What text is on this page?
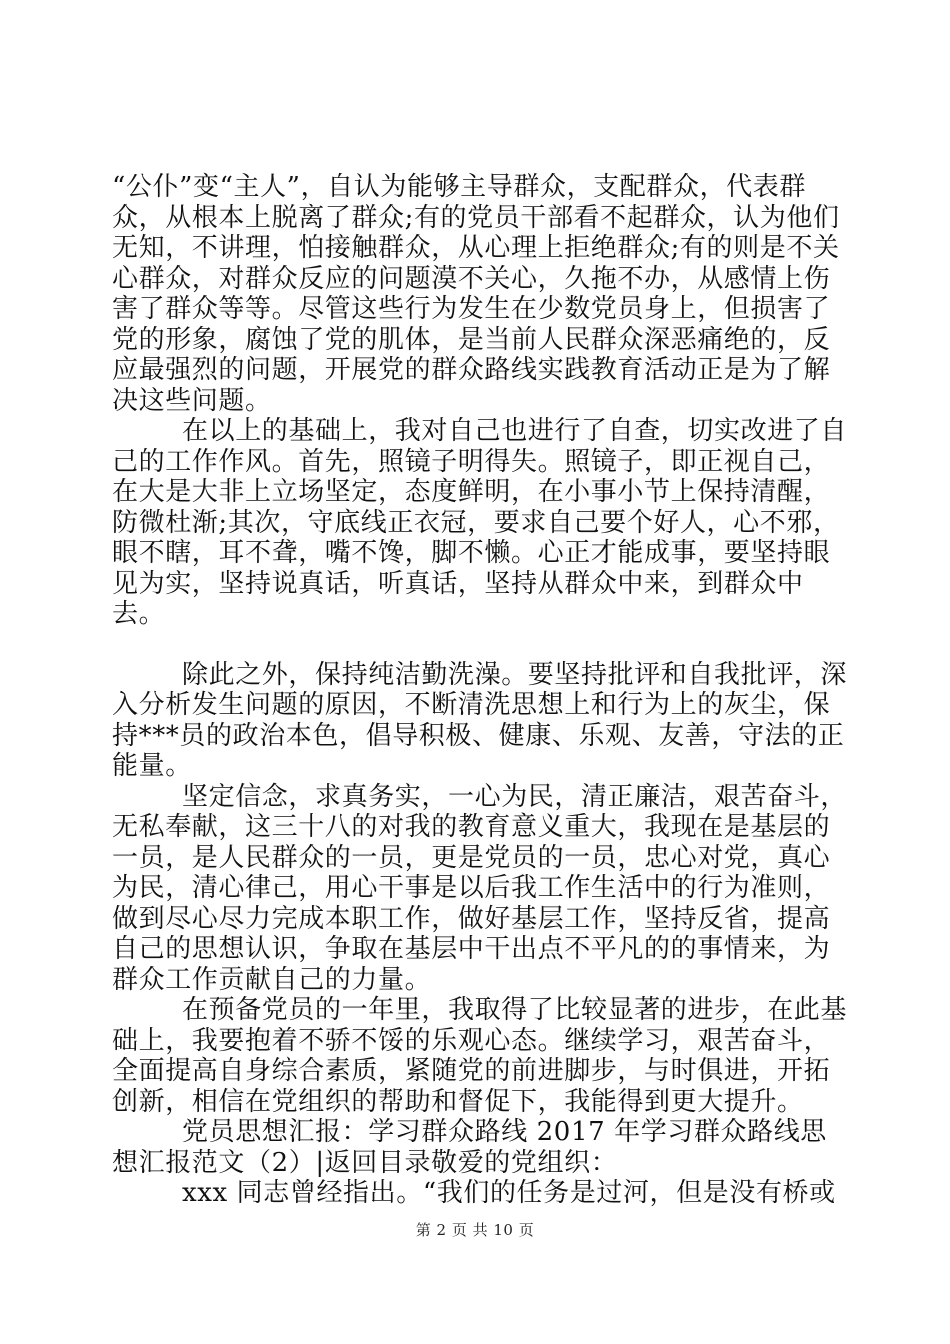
“公仆”变“主人”，自认为能够主导群众，支配群众，代表群众，从根本上脱离了群众;有的党员干部看不起群众，认为他们无知，不讲理，怕接触群众，从心理上拒绝群众;有的则是不关心群众，对群众反应的问题漠不关心，久拖不办，从感情上伤害了群众等等。尽管这些行为发生在少数党员身上，但损害了党的形象，腐蚀了党的肌体，是当前人民群众深恶痛绝的，反应最强烈的问题，开展党的群众路线实践教育活动正是为了解决这些问题。

在以上的基础上，我对自己也进行了自查，切实改进了自己的工作作风。首先，照镜子明得失。照镜子，即正视自己，在大是大非上立场坚定，态度鲜明，在小事小节上保持清醒，防微杜渐;其次，守底线正衣冠，要求自己要个好人，心不邪，眼不瞎，耳不聋，嘴不馋，脚不懒。心正才能成事，要坚持眼见为实，坚持说真话，听真话，坚持从群众中来，到群众中去。

除此之外，保持纯洁勤洗澡。要坚持批评和自我批评，深入分析发生问题的原因，不断清洗思想上和行为上的灰尘，保持***员的政治本色，倡导积极、健康、乐观、友善，守法的正能量。

坚定信念，求真务实，一心为民，清正廉洁，艰苦奋斗，无私奉献，这三十八的对我的教育意义重大，我现在是基层的一员，是人民群众的一员，更是党员的一员，忠心对党，真心为民，清心律己，用心干事是以后我工作生活中的行为准则，做到尽心尽力完成本职工作，做好基层工作，坚持反省，提高自己的思想认识，争取在基层中干出点不平凡的的事情来，为群众工作贡献自己的力量。

在预备党员的一年里，我取得了比较显著的进步，在此基础上，我要抱着不骄不馁的乐观心态。继续学习，艰苦奋斗，全面提高自身综合素质，紧随党的前进脚步，与时俱进，开拓创新，相信在党组织的帮助和督促下，我能得到更大提升。

党员思想汇报：学习群众路线 2017 年学习群众路线思想汇报范文（2）|返回目录敬爱的党组织：

xxx 同志曾经指出。“我们的任务是过河，但是没有桥或

第 2 页 共 10 页
